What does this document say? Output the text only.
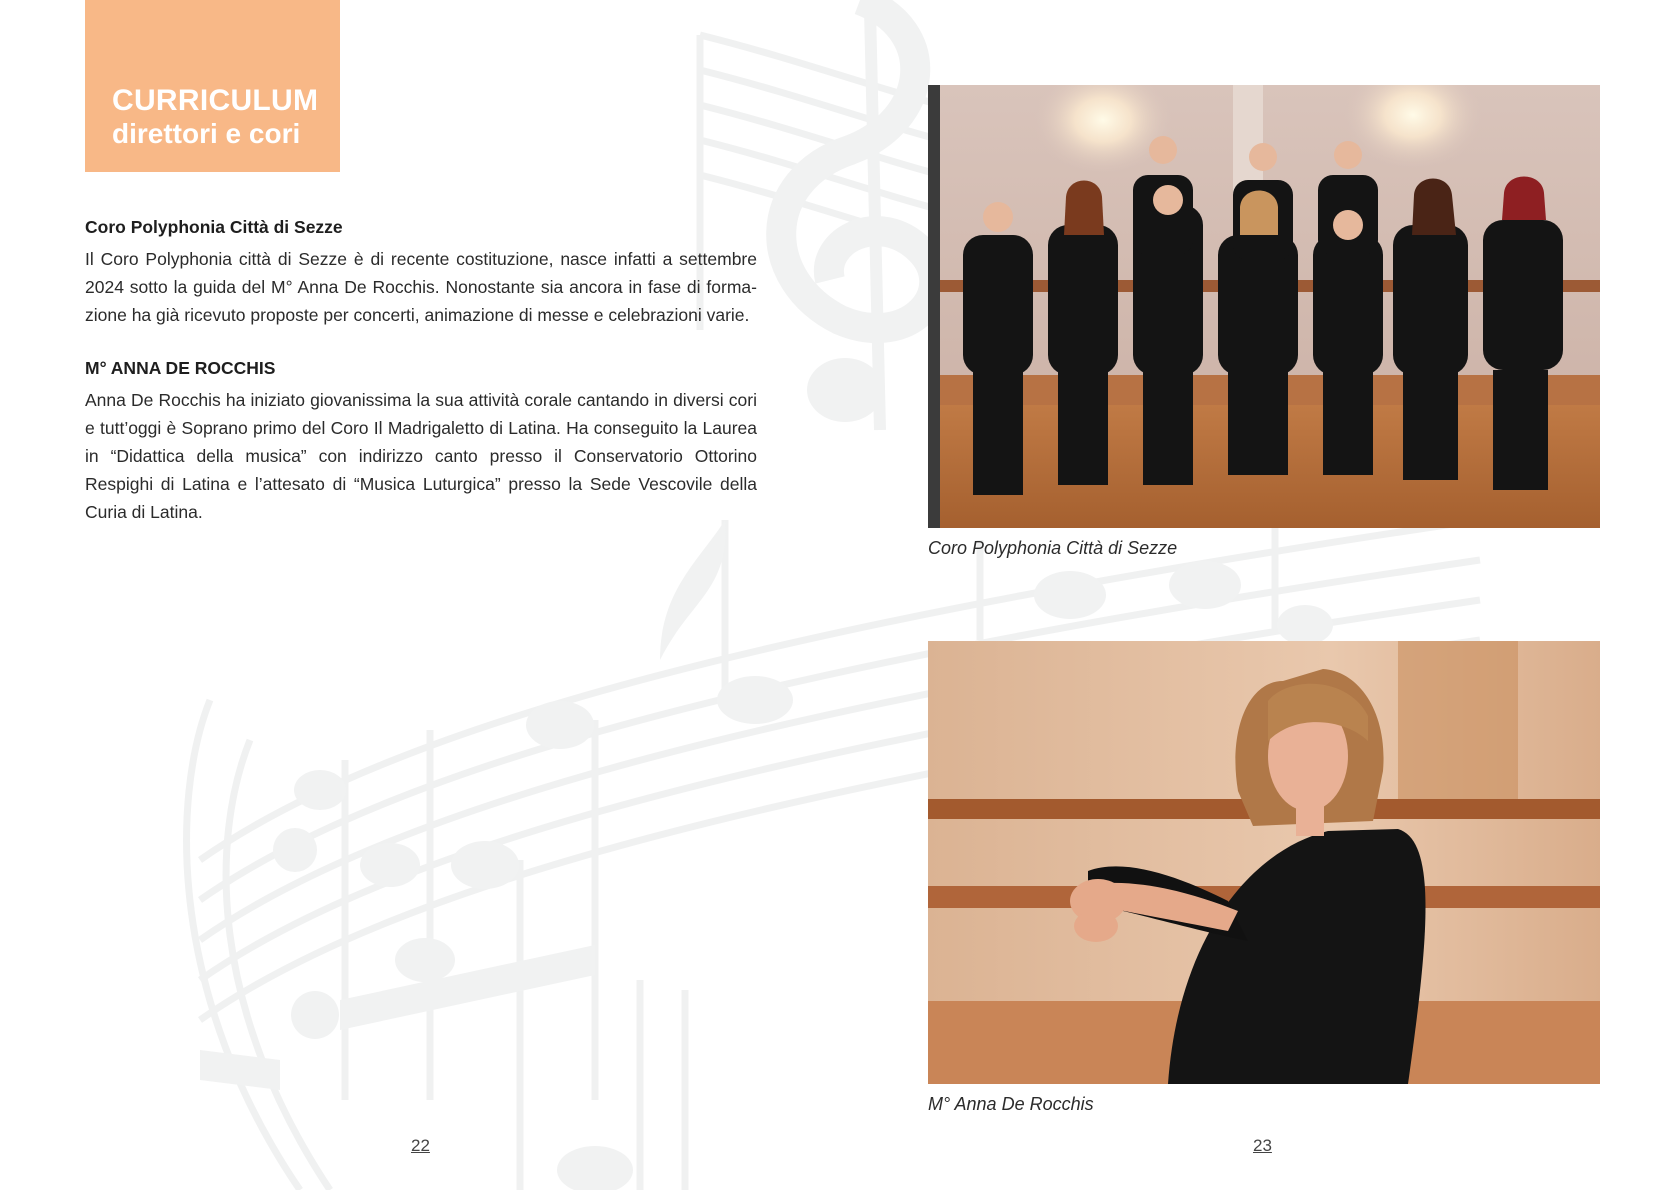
CURRICULUM
direttori e cori
Coro Polyphonia Città di Sezze

Il Coro Polyphonia città di Sezze è di recente costituzione, nasce infatti a settembre 2024 sotto la guida del M° Anna De Rocchis. Nonostante sia ancora in fase di forma-zione ha già ricevuto proposte per concerti, animazione di messe e celebrazioni varie.

M° ANNA DE ROCCHIS

Anna De Rocchis ha iniziato giovanissima la sua attività corale cantando in diversi cori e tutt’oggi è Soprano primo del Coro Il Madrigaletto di Latina. Ha conseguito la Laurea in “Didattica della musica” con indirizzo canto presso il Conservatorio Ottorino Respighi di Latina e l’attesato di “Musica Luturgica” presso la Sede Vescovile della Curia di Latina.

Coro Polyphonia Città di Sezze
M° Anna De Rocchis
22	23
